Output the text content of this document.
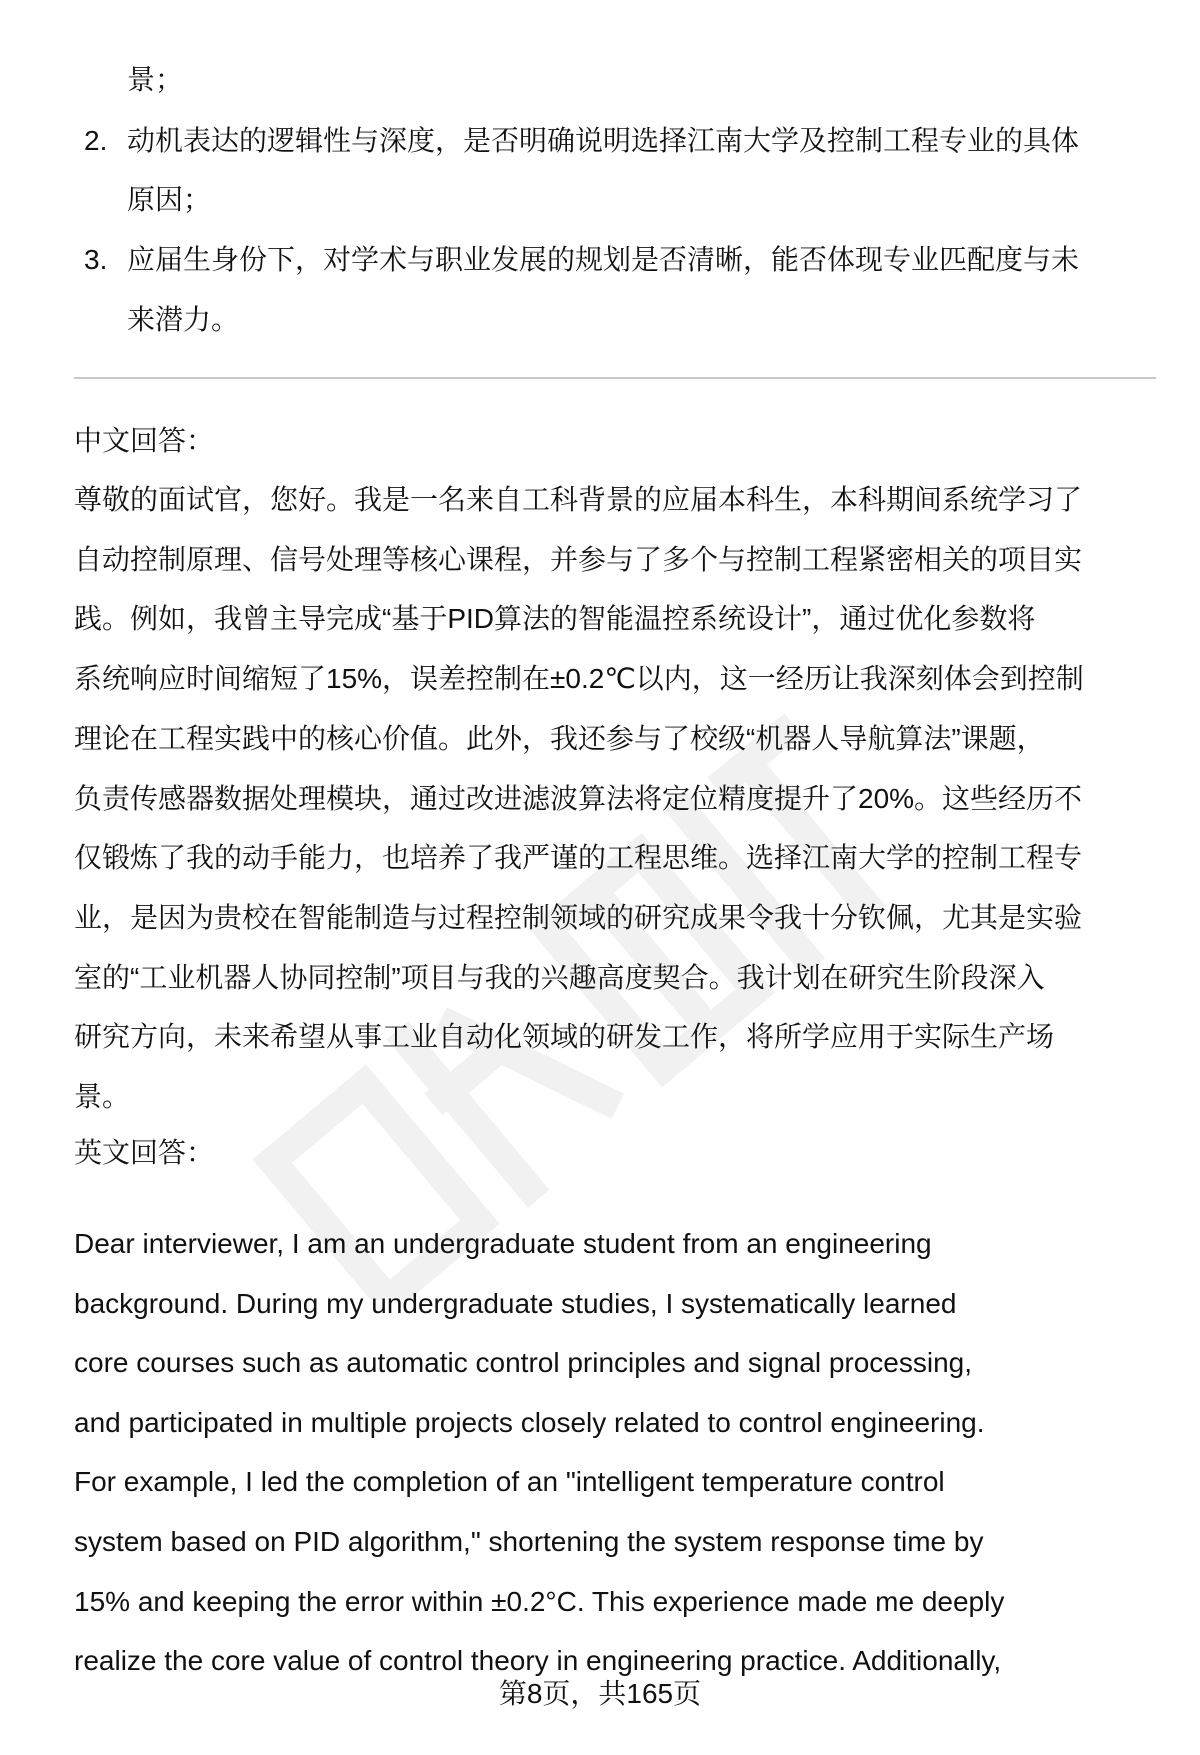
景；
2. 动机表达的逻辑性与深度，是否明确说明选择江南大学及控制工程专业的具体
原因；
3. 应届生身份下，对学术与职业发展的规划是否清晰，能否体现专业匹配度与未
来潜力。
中文回答：
尊敬的面试官，您好。我是一名来自工科背景的应届本科生，本科期间系统学习了
自动控制原理、信号处理等核心课程，并参与了多个与控制工程紧密相关的项目实
践。例如，我曾主导完成“基于PID算法的智能温控系统设计”，通过优化参数将
系统响应时间缩短了15%，误差控制在±0.2℃以内，这一经历让我深刻体会到控制
理论在工程实践中的核心价值。此外，我还参与了校级“机器人导航算法”课题，
负责传感器数据处理模块，通过改进滤波算法将定位精度提升了20%。这些经历不
仅锻炼了我的动手能力，也培养了我严谨的工程思维。选择江南大学的控制工程专
业，是因为贵校在智能制造与过程控制领域的研究成果令我十分钦佩，尤其是实验
室的“工业机器人协同控制”项目与我的兴趣高度契合。我计划在研究生阶段深入
研究方向，未来希望从事工业自动化领域的研发工作，将所学应用于实际生产场
景。
英文回答：
Dear interviewer, I am an undergraduate student from an engineering
background. During my undergraduate studies, I systematically learned
core courses such as automatic control principles and signal processing,
and participated in multiple projects closely related to control engineering.
For example, I led the completion of an "intelligent temperature control
system based on PID algorithm," shortening the system response time by
15% and keeping the error within ±0.2°C. This experience made me deeply
realize the core value of control theory in engineering practice. Additionally,
第8页，共165页
